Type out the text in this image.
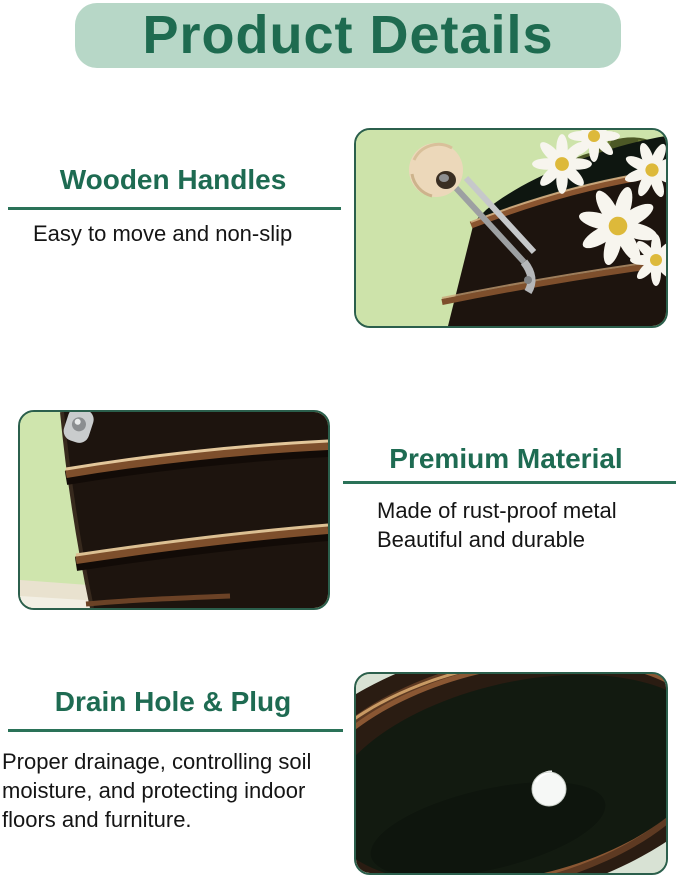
Product Details
Wooden Handles
Easy to move and non-slip
Premium Material
Made of rust-proof metal
Beautiful and durable
Drain Hole & Plug
Proper drainage, controlling soil
moisture, and protecting indoor
floors and furniture.
